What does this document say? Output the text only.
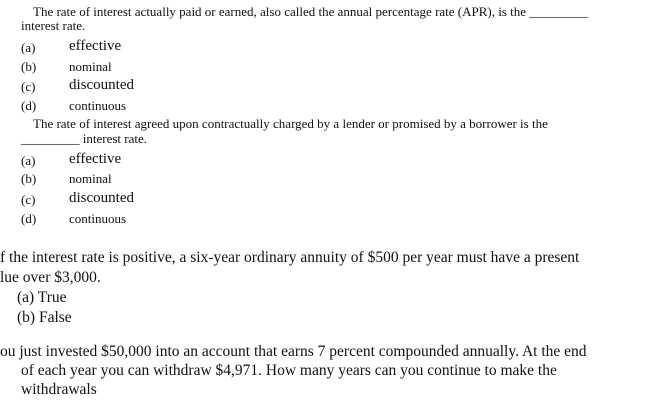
The rate of interest actually paid or earned, also called the annual percentage rate (APR), is the _________
interest rate.
(a) effective
(b)	nominal
(c) discounted
(d)	continuous
The rate of interest agreed upon contractually charged by a lender or promised by a borrower is the
_________ interest rate.
(a) effective
(b)	nominal
(c) discounted
(d)	continuous
f the interest rate is positive, a six-year ordinary annuity of $500 per year must have a present
lue over $3,000.
(a) True
(b) False
ou just invested $50,000 into an account that earns 7 percent compounded annually. At the end
of each year you can withdraw $4,971. How many years can you continue to make the
withdrawals
